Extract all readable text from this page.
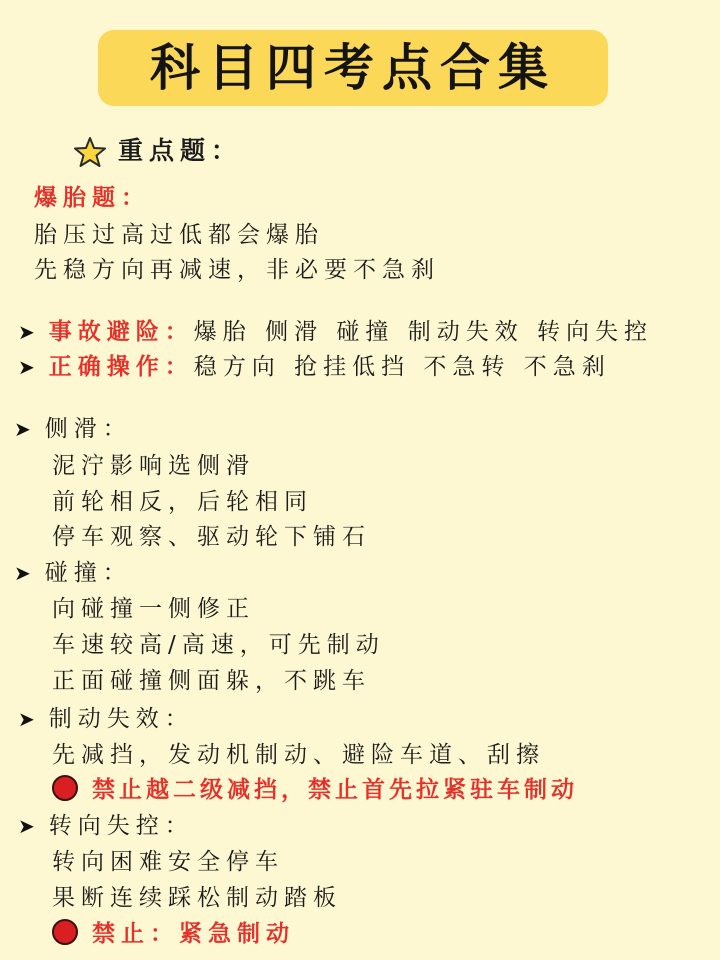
科目四考点合集
重点题：
爆胎题：
胎压过高过低都会爆胎
先稳方向再减速，非必要不急刹
➤ 事故避险：爆胎 侧滑 碰撞 制动失效 转向失控
➤ 正确操作：稳方向 抢挂低挡 不急转 不急刹
➤ 侧滑：
泥泞影响选侧滑
前轮相反，后轮相同
停车观察、驱动轮下铺石
➤ 碰撞：
向碰撞一侧修正
车速较高/高速，可先制动
正面碰撞侧面躲，不跳车
➤ 制动失效：
先减挡，发动机制动、避险车道、刮擦
禁止越二级减挡，禁止首先拉紧驻车制动
➤ 转向失控：
转向困难安全停车
果断连续踩松制动踏板
禁止：紧急制动
